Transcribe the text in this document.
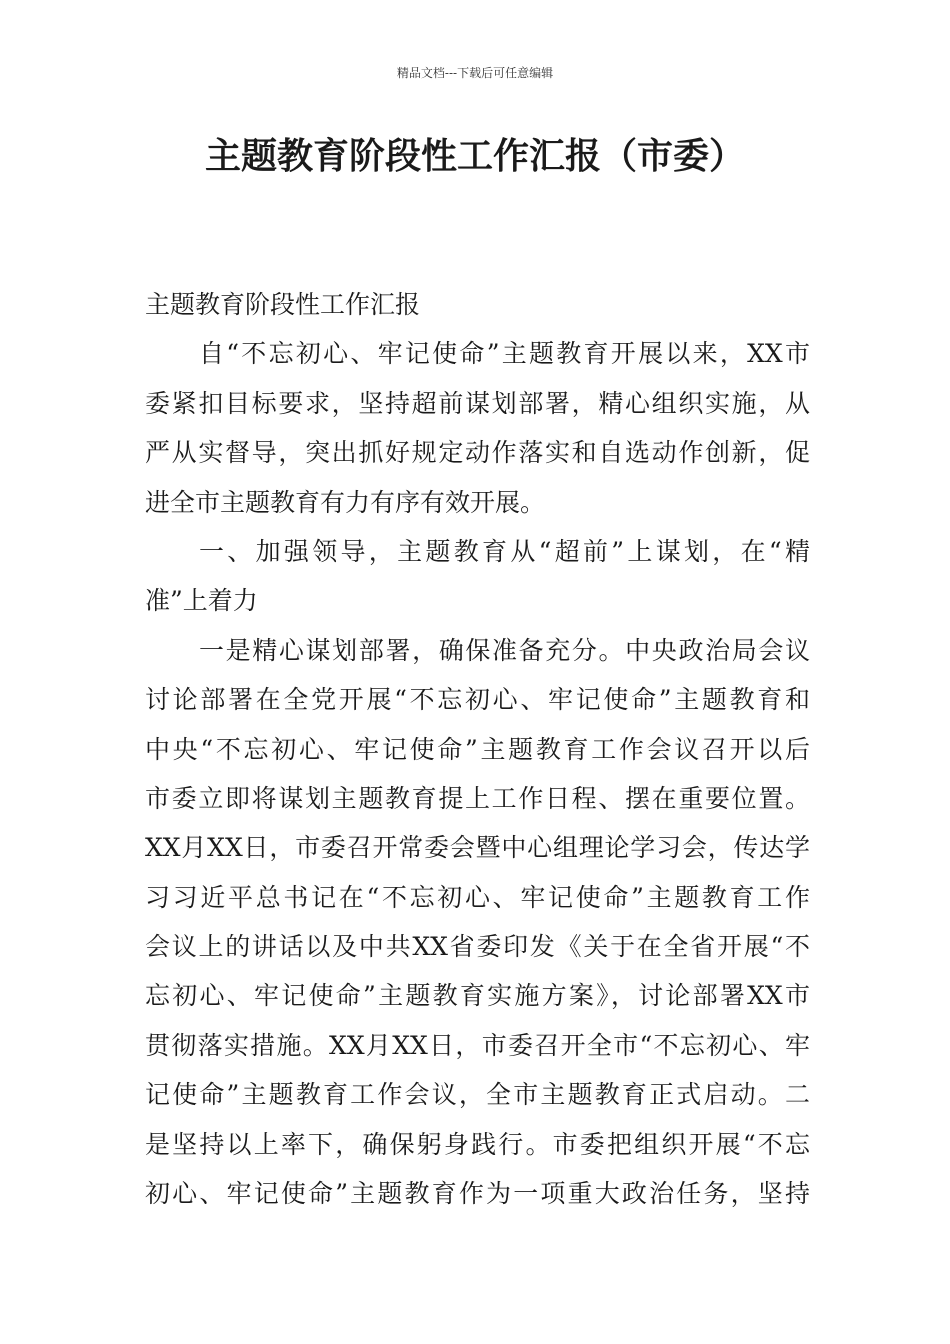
精品文档---下载后可任意编辑
主题教育阶段性工作汇报（市委）
主题教育阶段性工作汇报
自“不忘初心、牢记使命”主题教育开展以来，XX市
委紧扣目标要求，坚持超前谋划部署，精心组织实施，从
严从实督导，突出抓好规定动作落实和自选动作创新，促
进全市主题教育有力有序有效开展。
一、加强领导，主题教育从“超前”上谋划，在“精
准”上着力
一是精心谋划部署，确保准备充分。中央政治局会议
讨论部署在全党开展“不忘初心、牢记使命”主题教育和
中央“不忘初心、牢记使命”主题教育工作会议召开以后
市委立即将谋划主题教育提上工作日程、摆在重要位置。
XX月XX日，市委召开常委会暨中心组理论学习会，传达学
习习近平总书记在“不忘初心、牢记使命”主题教育工作
会议上的讲话以及中共XX省委印发《关于在全省开展“不
忘初心、牢记使命”主题教育实施方案》，讨论部署XX市
贯彻落实措施。XX月XX日，市委召开全市“不忘初心、牢
记使命”主题教育工作会议，全市主题教育正式启动。二
是坚持以上率下，确保躬身践行。市委把组织开展“不忘
初心、牢记使命”主题教育作为一项重大政治任务，坚持
